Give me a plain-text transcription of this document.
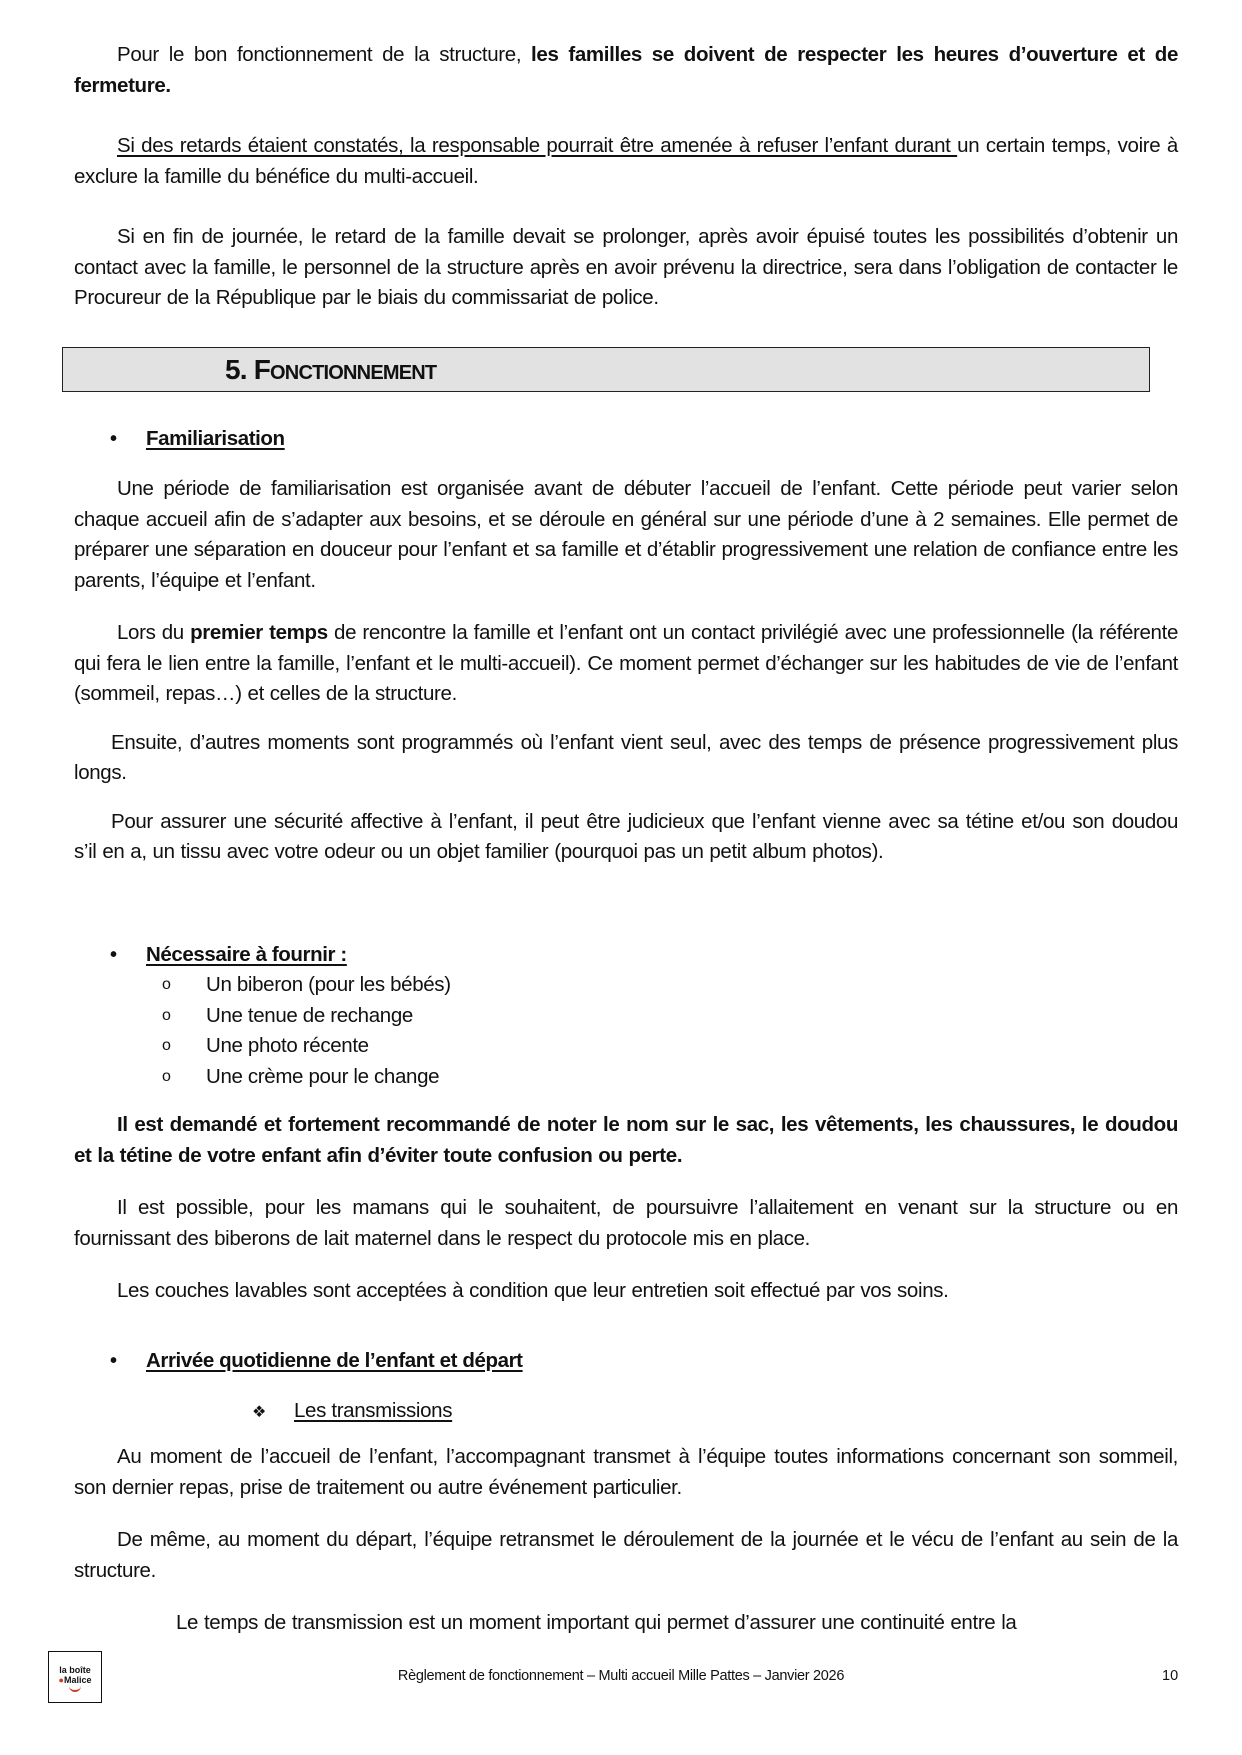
Pour le bon fonctionnement de la structure, les familles se doivent de respecter les heures d’ouverture et de fermeture.

Si des retards étaient constatés, la responsable pourrait être amenée à refuser l’enfant durant un certain temps, voire à exclure la famille du bénéfice du multi-accueil.

Si en fin de journée, le retard de la famille devait se prolonger, après avoir épuisé toutes les possibilités d’obtenir un contact avec la famille, le personnel de la structure après en avoir prévenu la directrice, sera dans l’obligation de contacter le Procureur de la République par le biais du commissariat de police.

5. Fonctionnement
• Familiarisation

Une période de familiarisation est organisée avant de débuter l’accueil de l’enfant. Cette période peut varier selon chaque accueil afin de s’adapter aux besoins, et se déroule en général sur une période d’une à 2 semaines. Elle permet de préparer une séparation en douceur pour l’enfant et sa famille et d’établir progressivement une relation de confiance entre les parents, l’équipe et l’enfant.

Lors du premier temps de rencontre la famille et l’enfant ont un contact privilégié avec une professionnelle (la référente qui fera le lien entre la famille, l’enfant et le multi-accueil). Ce moment permet d’échanger sur les habitudes de vie de l’enfant (sommeil, repas…) et celles de la structure.

Ensuite, d’autres moments sont programmés où l’enfant vient seul, avec des temps de présence progressivement plus longs.

Pour assurer une sécurité affective à l’enfant, il peut être judicieux que l’enfant vienne avec sa tétine et/ou son doudou s’il en a, un tissu avec votre odeur ou un objet familier (pourquoi pas un petit album photos).

• Nécessaire à fournir :
o	Un biberon (pour les bébés)
o	Une tenue de rechange
o	Une photo récente
o	Une crème pour le change

Il est demandé et fortement recommandé de noter le nom sur le sac, les vêtements, les chaussures, le doudou et la tétine de votre enfant afin d’éviter toute confusion ou perte.

Il est possible, pour les mamans qui le souhaitent, de poursuivre l’allaitement en venant sur la structure ou en fournissant des biberons de lait maternel dans le respect du protocole mis en place.

Les couches lavables sont acceptées à condition que leur entretien soit effectué par vos soins.

• Arrivée quotidienne de l’enfant et départ
❖ Les transmissions

Au moment de l’accueil de l’enfant, l’accompagnant transmet à l’équipe toutes informations concernant son sommeil, son dernier repas, prise de traitement ou autre événement particulier.

De même, au moment du départ, l’équipe retransmet le déroulement de la journée et le vécu de l’enfant au sein de la structure.

Le temps de transmission est un moment important qui permet d’assurer une continuité entre la

la boîte
●Malice	Règlement de fonctionnement – Multi accueil Mille Pattes – Janvier 2026	10
